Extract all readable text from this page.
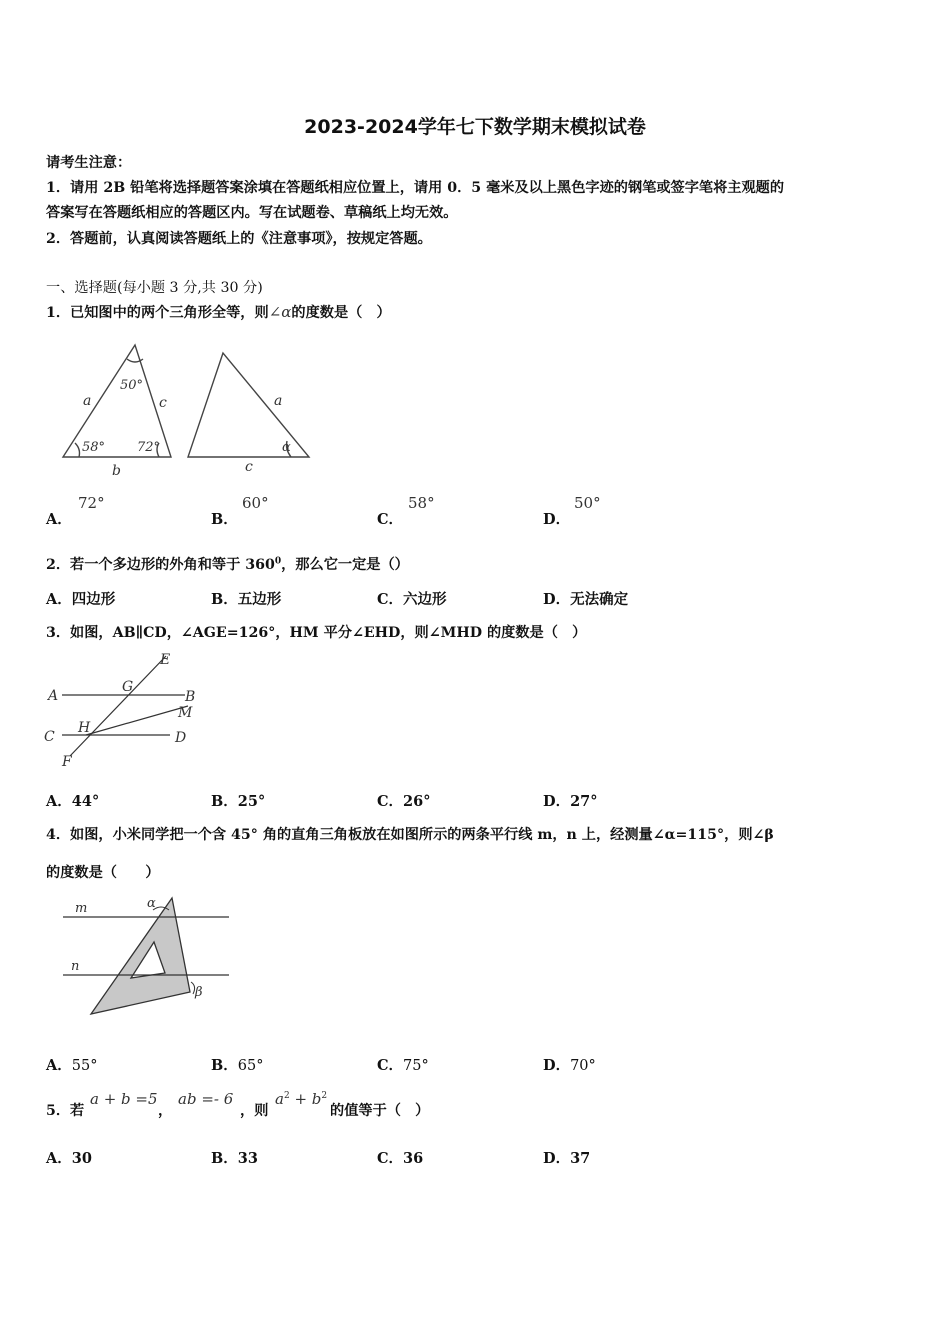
2023-2024学年七下数学期末模拟试卷
请考生注意：
1．请用 2B 铅笔将选择题答案涂填在答题纸相应位置上，请用 0．5 毫米及以上黑色字迹的钢笔或签字笔将主观题的
答案写在答题纸相应的答题区内。写在试题卷、草稿纸上均无效。
2．答题前，认真阅读答题纸上的《注意事项》，按规定答题。
一、选择题(每小题 3 分,共 30 分)
1．已知图中的两个三角形全等，则∠α的度数是（　）
50°
58° 72°
a	c
b
a
α
c
A．
72°
B．
60°
C．
58°
D．
50°
2．若一个多边形的外角和等于 $360^0$，那么它一定是（）
A．四边形	B．五边形	C．六边形	D．无法确定
3．如图，AB∥CD，∠AGE=126°，HM 平分∠EHD，则∠MHD 的度数是（　）
E
A
G
B
M
H
C	D
F
A．44°	B．25°	C．26°	D．27°
4．如图，小米同学把一个含 45° 角的直角三角板放在如图所示的两条平行线 m，n 上，经测量∠α=115°，则∠β
的度数是（　　）
m
n
α
β
A．55°	B．65°	C．75°	D．70°
5．若
a + b =5
，
ab =- 6
，则
$a^2 + b^2$
的值等于（　）
A．30	B．33	C．36	D．37
